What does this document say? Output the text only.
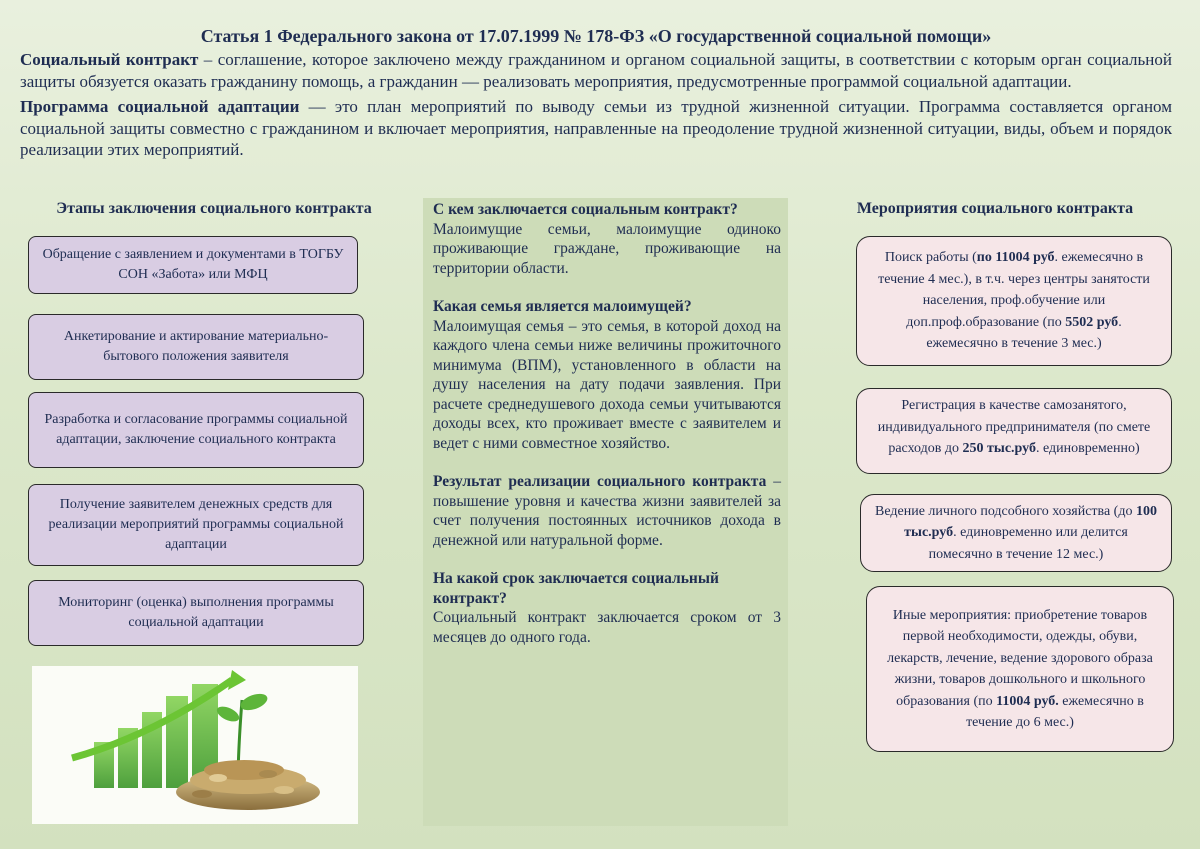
Статья 1 Федерального закона от 17.07.1999 № 178-ФЗ «О государственной социальной помощи»

Социальный контракт – соглашение, которое заключено между гражданином и органом социальной защиты, в соответствии с которым орган социальной защиты обязуется оказать гражданину помощь, а гражданин — реализовать мероприятия, предусмотренные программой социальной адаптации.

Программа социальной адаптации — это план мероприятий по выводу семьи из трудной жизненной ситуации. Программа составляется органом социальной защиты совместно с гражданином и включает мероприятия, направленные на преодоление трудной жизненной ситуации, виды, объем и порядок реализации этих мероприятий.

Этапы заключения социального контракта

Обращение с заявлением и документами в ТОГБУ СОН «Забота» или МФЦ
Анкетирование и актирование материально-бытового положения заявителя
Разработка и согласование программы социальной адаптации, заключение социального контракта
Получение заявителем денежных средств для реализации мероприятий программы социальной адаптации
Мониторинг (оценка) выполнения программы социальной адаптации

С кем заключается социальным контракт?

Малоимущие семьи, малоимущие одиноко проживающие граждане, проживающие на территории области.

Какая семья является малоимущей?

Малоимущая семья – это семья, в которой доход на каждого члена семьи ниже величины прожиточного минимума (ВПМ), установленного в области на душу населения на дату подачи заявления. При расчете среднедушевого дохода семьи учитываются доходы всех, кто проживает вместе с заявителем и ведет с ними совместное хозяйство.

Результат реализации социального контракта – повышение уровня и качества жизни заявителей за счет получения постоянных источников дохода в денежной или натуральной форме.

На какой срок заключается социальный контракт?

Социальный контракт заключается сроком от 3 месяцев до одного года.

Мероприятия социального контракта

Поиск работы (по 11004 руб. ежемесячно в течение 4 мес.), в т.ч. через центры занятости населения, проф.обучение или доп.проф.образование (по 5502 руб. ежемесячно в течение 3 мес.)
Регистрация в качестве самозанятого, индивидуального предпринимателя (по смете расходов до 250 тыс.руб. единовременно)
Ведение личного подсобного хозяйства (до 100 тыс.руб. единовременно или делится помесячно в течение 12 мес.)
Иные мероприятия: приобретение товаров первой необходимости, одежды, обуви, лекарств, лечение, ведение здорового образа жизни, товаров дошкольного и школьного образования (по 11004 руб. ежемесячно в течение до 6 мес.)
